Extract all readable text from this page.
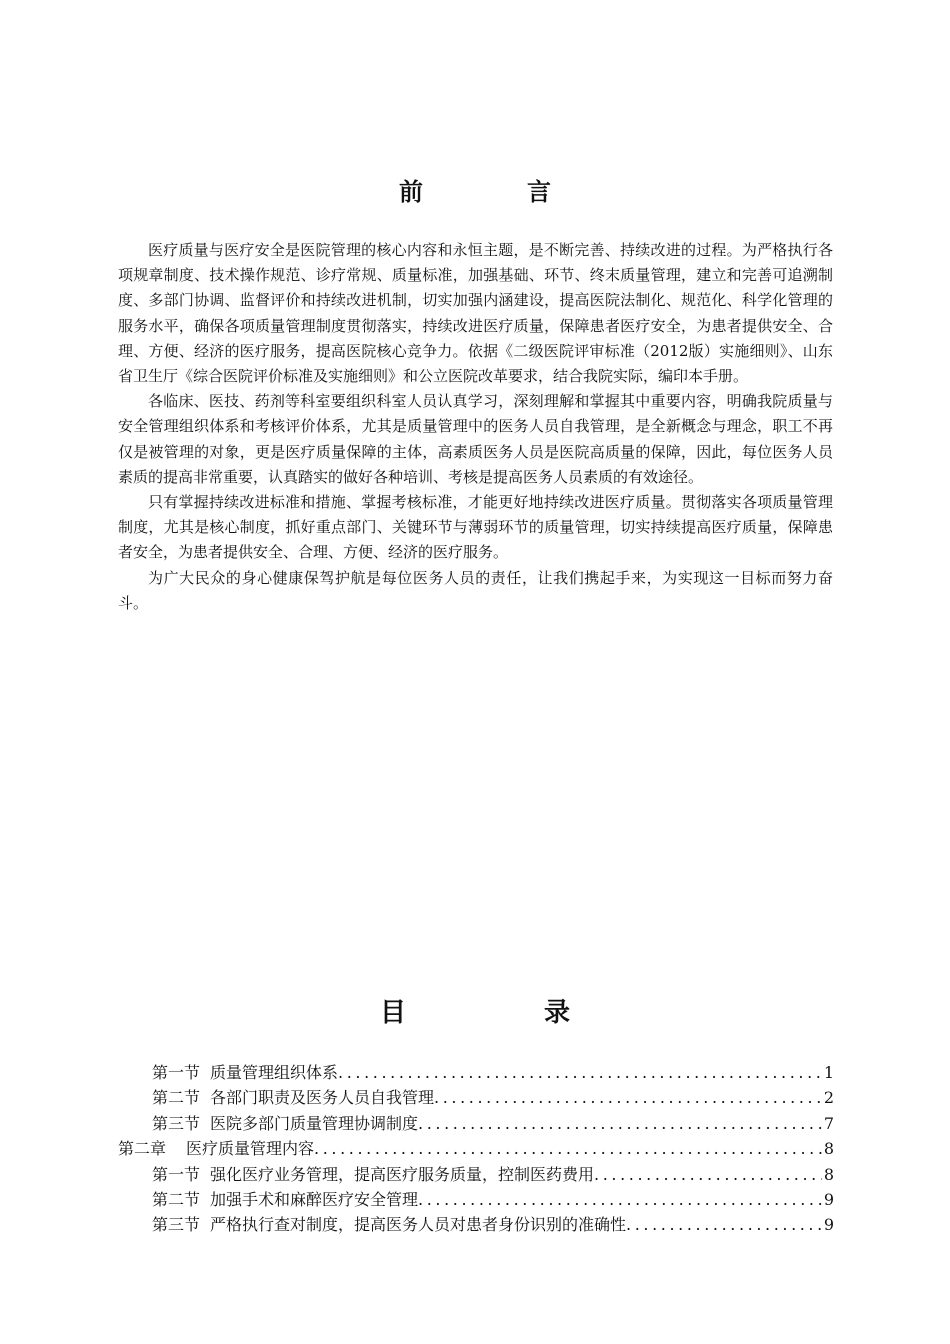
前　言

医疗质量与医疗安全是医院管理的核心内容和永恒主题，是不断完善、持续改进的过程。为严格执行各项规章制度、技术操作规范、诊疗常规、质量标准，加强基础、环节、终末质量管理，建立和完善可追溯制度、多部门协调、监督评价和持续改进机制，切实加强内涵建设，提高医院法制化、规范化、科学化管理的服务水平，确保各项质量管理制度贯彻落实，持续改进医疗质量，保障患者医疗安全，为患者提供安全、合理、方便、经济的医疗服务，提高医院核心竞争力。依据《二级医院评审标准（2012版）实施细则》、山东省卫生厅《综合医院评价标准及实施细则》和公立医院改革要求，结合我院实际，编印本手册。

各临床、医技、药剂等科室要组织科室人员认真学习，深刻理解和掌握其中重要内容，明确我院质量与安全管理组织体系和考核评价体系，尤其是质量管理中的医务人员自我管理，是全新概念与理念，职工不再仅是被管理的对象，更是医疗质量保障的主体，高素质医务人员是医院高质量的保障，因此，每位医务人员素质的提高非常重要，认真踏实的做好各种培训、考核是提高医务人员素质的有效途径。

只有掌握持续改进标准和措施、掌握考核标准，才能更好地持续改进医疗质量。贯彻落实各项质量管理制度，尤其是核心制度，抓好重点部门、关键环节与薄弱环节的质量管理，切实持续提高医疗质量，保障患者安全，为患者提供安全、合理、方便、经济的医疗服务。

为广大民众的身心健康保驾护航是每位医务人员的责任，让我们携起手来，为实现这一目标而努力奋斗。

目　录
第一节 质量管理组织体系 .....	1
第二节 各部门职责及医务人员自我管理 .....	2
第三节 医院多部门质量管理协调制度 .....	7
第二章 医疗质量管理内容 .....	8
第一节 强化医疗业务管理，提高医疗服务质量，控制医药费用 .....	8
第二节 加强手术和麻醉医疗安全管理 .....	9
第三节 严格执行查对制度，提高医务人员对患者身份识别的准确性 .....	9
